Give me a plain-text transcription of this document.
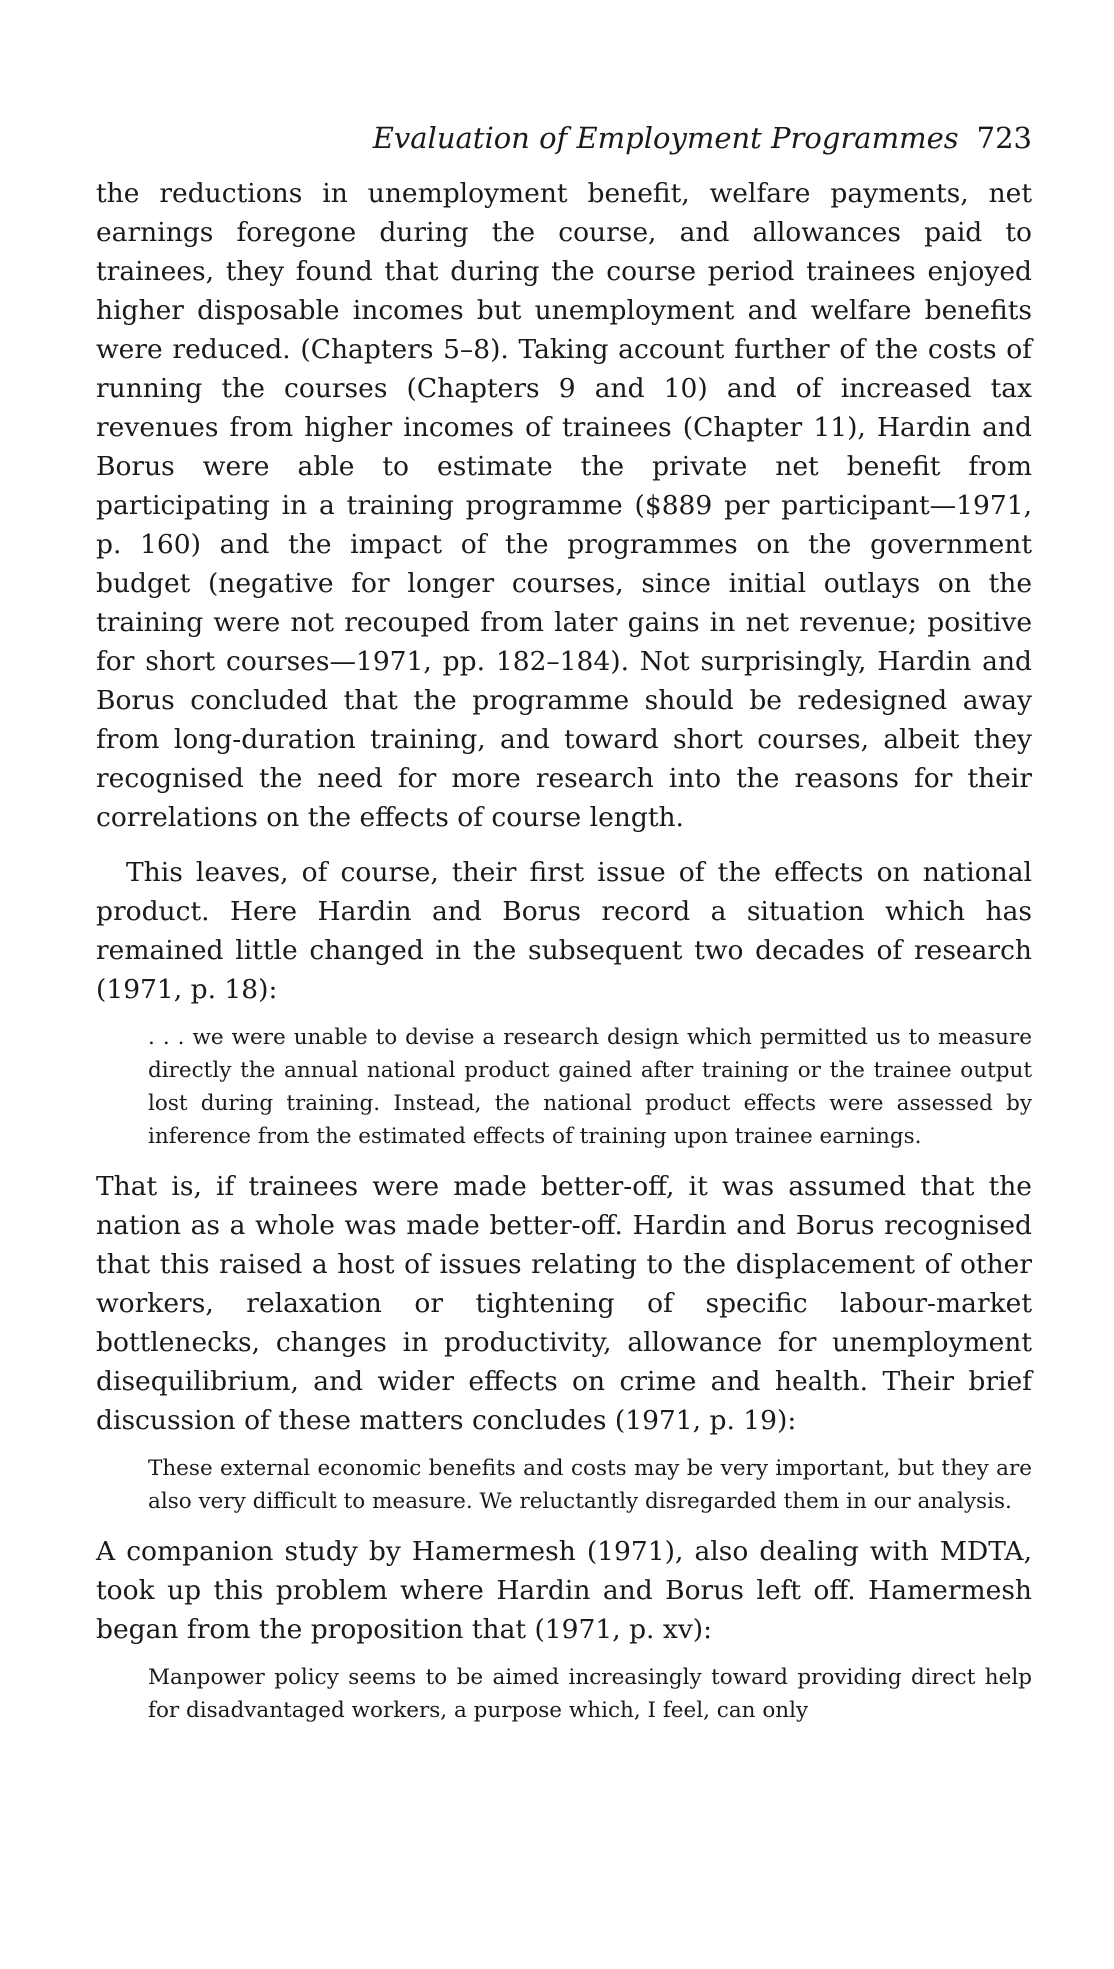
Evaluation of Employment Programmes 723

the reductions in unemployment benefit, welfare payments, net earnings foregone during the course, and allowances paid to trainees, they found that during the course period trainees enjoyed higher disposable incomes but unemployment and welfare benefits were reduced. (Chapters 5–8). Taking account further of the costs of running the courses (Chapters 9 and 10) and of increased tax revenues from higher incomes of trainees (Chapter 11), Hardin and Borus were able to estimate the private net benefit from participating in a training programme ($889 per participant—1971, p. 160) and the impact of the programmes on the government budget (negative for longer courses, since initial outlays on the training were not recouped from later gains in net revenue; positive for short courses—1971, pp. 182–184). Not surprisingly, Hardin and Borus concluded that the programme should be redesigned away from long-duration training, and toward short courses, albeit they recognised the need for more research into the reasons for their correlations on the effects of course length.

This leaves, of course, their first issue of the effects on national product. Here Hardin and Borus record a situation which has remained little changed in the subsequent two decades of research (1971, p. 18):

. . . we were unable to devise a research design which permitted us to measure directly the annual national product gained after training or the trainee output lost during training. Instead, the national product effects were assessed by inference from the estimated effects of training upon trainee earnings.

That is, if trainees were made better-off, it was assumed that the nation as a whole was made better-off. Hardin and Borus recognised that this raised a host of issues relating to the displacement of other workers, relaxation or tightening of specific labour-market bottlenecks, changes in productivity, allowance for unemployment disequilibrium, and wider effects on crime and health. Their brief discussion of these matters concludes (1971, p. 19):

These external economic benefits and costs may be very important, but they are also very difficult to measure. We reluctantly disregarded them in our analysis.

A companion study by Hamermesh (1971), also dealing with MDTA, took up this problem where Hardin and Borus left off. Hamermesh began from the proposition that (1971, p. xv):

Manpower policy seems to be aimed increasingly toward providing direct help for disadvantaged workers, a purpose which, I feel, can only
